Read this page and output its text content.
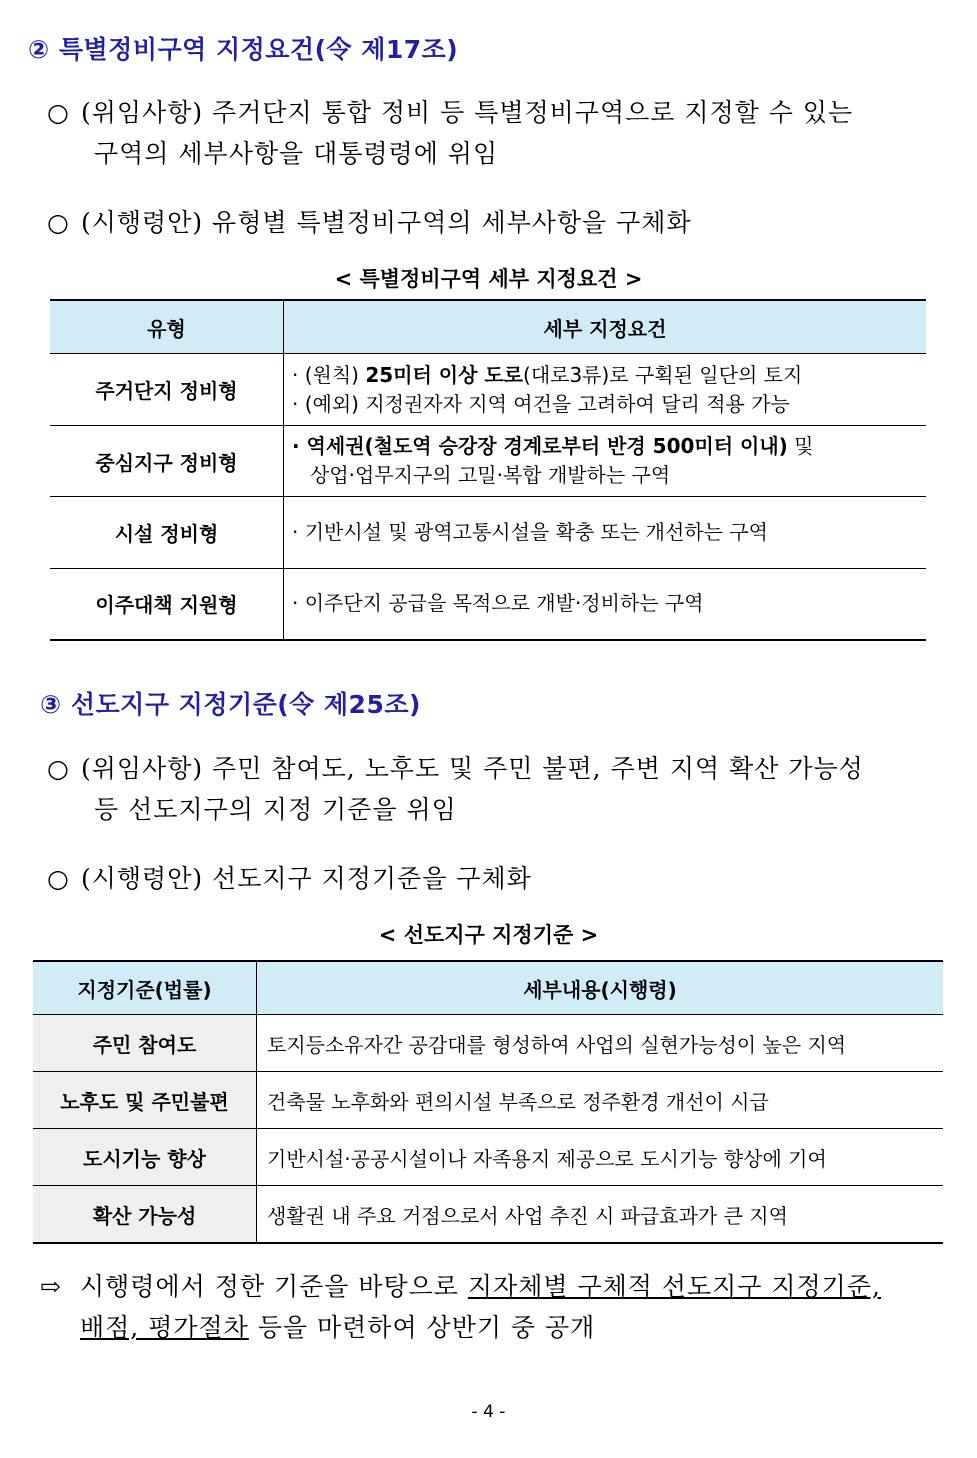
② 특별정비구역 지정요건(令 제17조)
○ (위임사항) 주거단지 통합 정비 등 특별정비구역으로 지정할 수 있는
구역의 세부사항을 대통령령에 위임
○ (시행령안) 유형별 특별정비구역의 세부사항을 구체화
< 특별정비구역 세부 지정요건 >
유형	세부 지정요건
주거단지 정비형	· (원칙) 25미터 이상 도로(대로3류)로 구획된 일단의 토지
· (예외) 지정권자자 지역 여건을 고려하여 달리 적용 가능

중심지구 정비형	· 역세권(철도역 승강장 경계로부터 반경 500미터 이내) 및
상업·업무지구의 고밀·복합 개발하는 구역

시설 정비형	· 기반시설 및 광역고통시설을 확충 또는 개선하는 구역
이주대책 지원형	· 이주단지 공급을 목적으로 개발·정비하는 구역
③ 선도지구 지정기준(令 제25조)
○ (위임사항) 주민 참여도, 노후도 및 주민 불편, 주변 지역 확산 가능성
등 선도지구의 지정 기준을 위임
○ (시행령안) 선도지구 지정기준을 구체화
< 선도지구 지정기준 >
지정기준(법률)	세부내용(시행령)
주민 참여도	토지등소유자간 공감대를 형성하여 사업의 실현가능성이 높은 지역
노후도 및 주민불편	건축물 노후화와 편의시설 부족으로 정주환경 개선이 시급
도시기능 향상	기반시설·공공시설이나 자족용지 제공으로 도시기능 향상에 기여
확산 가능성	생활권 내 주요 거점으로서 사업 추진 시 파급효과가 큰 지역
⇨ 시행령에서 정한 기준을 바탕으로 지자체별 구체적 선도지구 지정기준,
배점, 평가절차 등을 마련하여 상반기 중 공개
- 4 -
